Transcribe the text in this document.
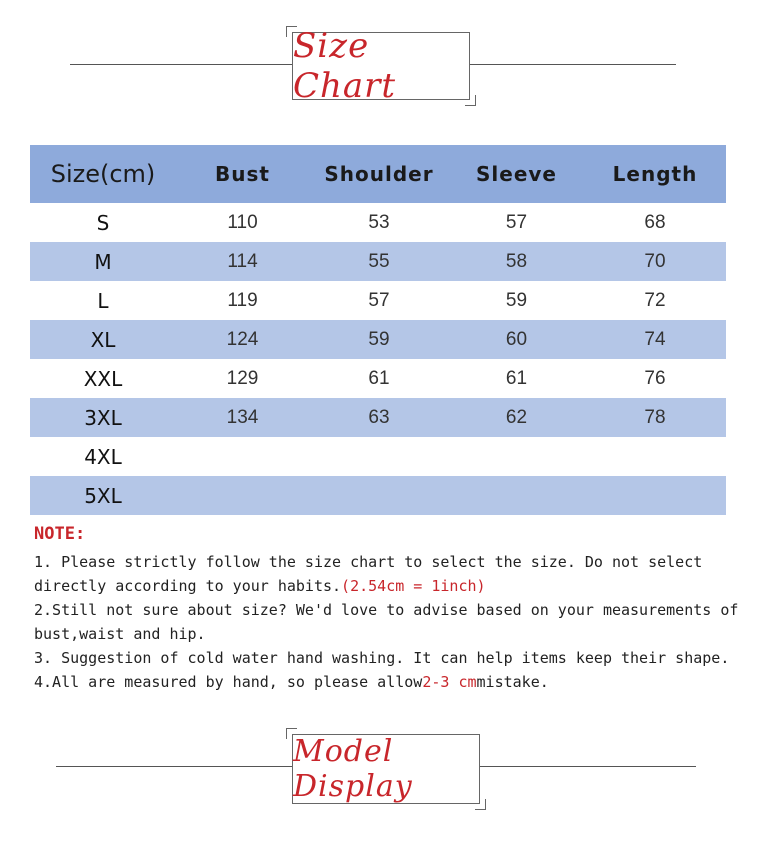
Size Chart
Size(cm)	Bust	Shoulder	Sleeve	Length
S	110	53	57	68
M	114	55	58	70
L	119	57	59	72
XL	124	59	60	74
XXL	129	61	61	76
3XL	134	63	62	78
4XL				
5XL				
NOTE:

1. Please strictly follow the size chart to select the size. Do not select directly according to your habits.(2.54cm = 1inch)

2.Still not sure about size? We'd love to advise based on your measurements of bust,waist and hip.

3. Suggestion of cold water hand washing. It can help items keep their shape.

4.All are measured by hand, so please allow2-3 cmmistake.

Model Display
